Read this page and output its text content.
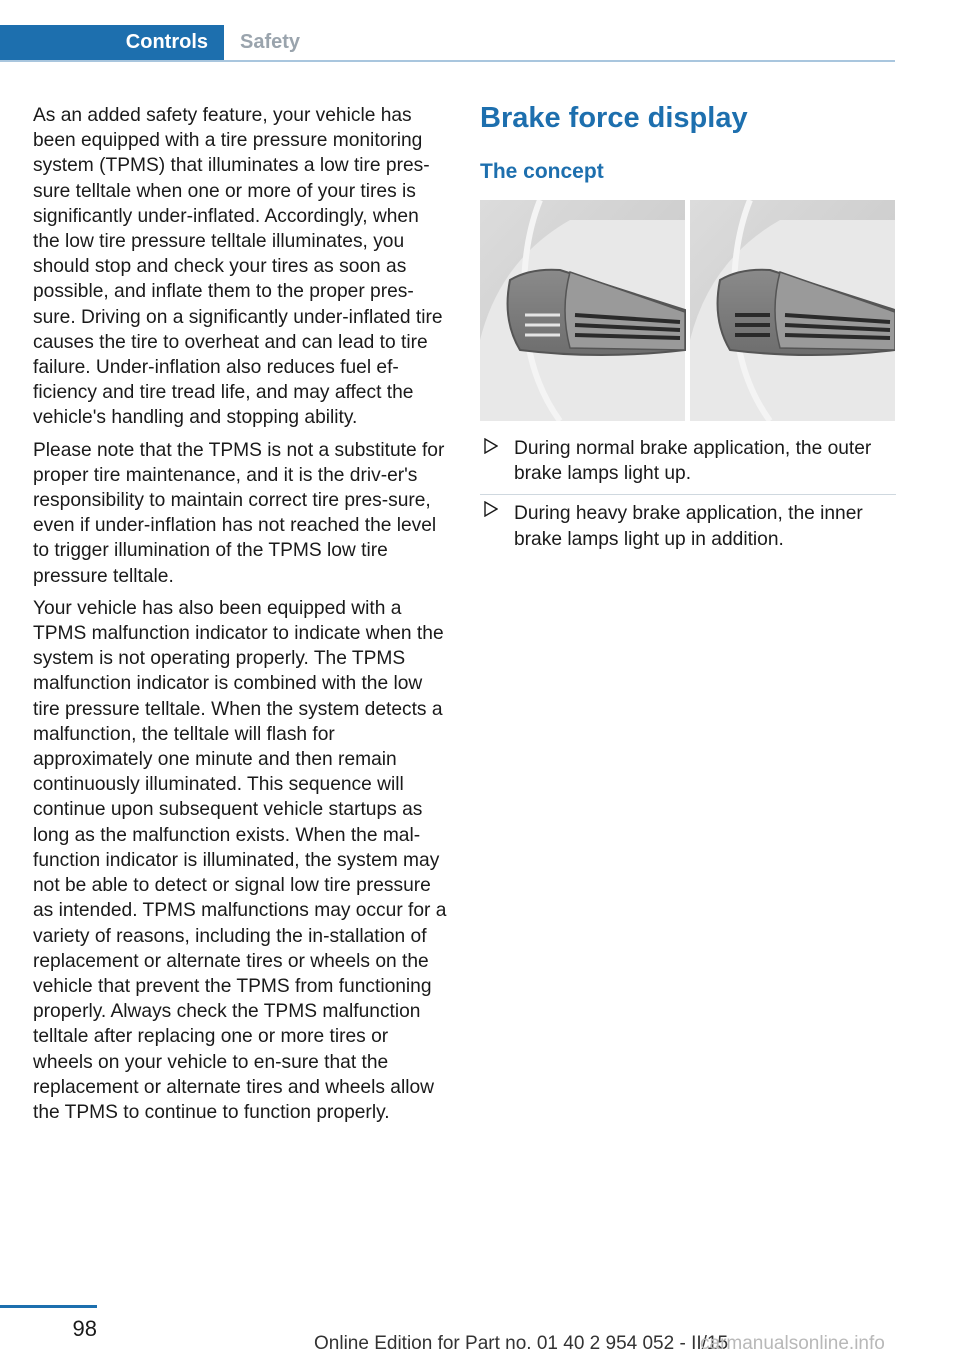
Controls	Safety

As an added safety feature, your vehicle has been equipped with a tire pressure monitoring system (TPMS) that illuminates a low tire pres‐sure telltale when one or more of your tires is significantly under-inflated. Accordingly, when the low tire pressure telltale illuminates, you should stop and check your tires as soon as possible, and inflate them to the proper pres‐sure. Driving on a significantly under-inflated tire causes the tire to overheat and can lead to tire failure. Under-inflation also reduces fuel ef‐ficiency and tire tread life, and may affect the vehicle's handling and stopping ability.

Please note that the TPMS is not a substitute for proper tire maintenance, and it is the driv‐er's responsibility to maintain correct tire pres‐sure, even if under-inflation has not reached the level to trigger illumination of the TPMS low tire pressure telltale.

Your vehicle has also been equipped with a TPMS malfunction indicator to indicate when the system is not operating properly. The TPMS malfunction indicator is combined with the low tire pressure telltale. When the system detects a malfunction, the telltale will flash for approximately one minute and then remain continuously illuminated. This sequence will continue upon subsequent vehicle startups as long as the malfunction exists. When the mal‐function indicator is illuminated, the system may not be able to detect or signal low tire pressure as intended. TPMS malfunctions may occur for a variety of reasons, including the in‐stallation of replacement or alternate tires or wheels on the vehicle that prevent the TPMS from functioning properly. Always check the TPMS malfunction telltale after replacing one or more tires or wheels on your vehicle to en‐sure that the replacement or alternate tires and wheels allow the TPMS to continue to function properly.

Brake force display
The concept
During normal brake application, the outer brake lamps light up.
During heavy brake application, the inner brake lamps light up in addition.
98
Online Edition for Part no. 01 40 2 954 052 - II/15
carmanualsonline.info
